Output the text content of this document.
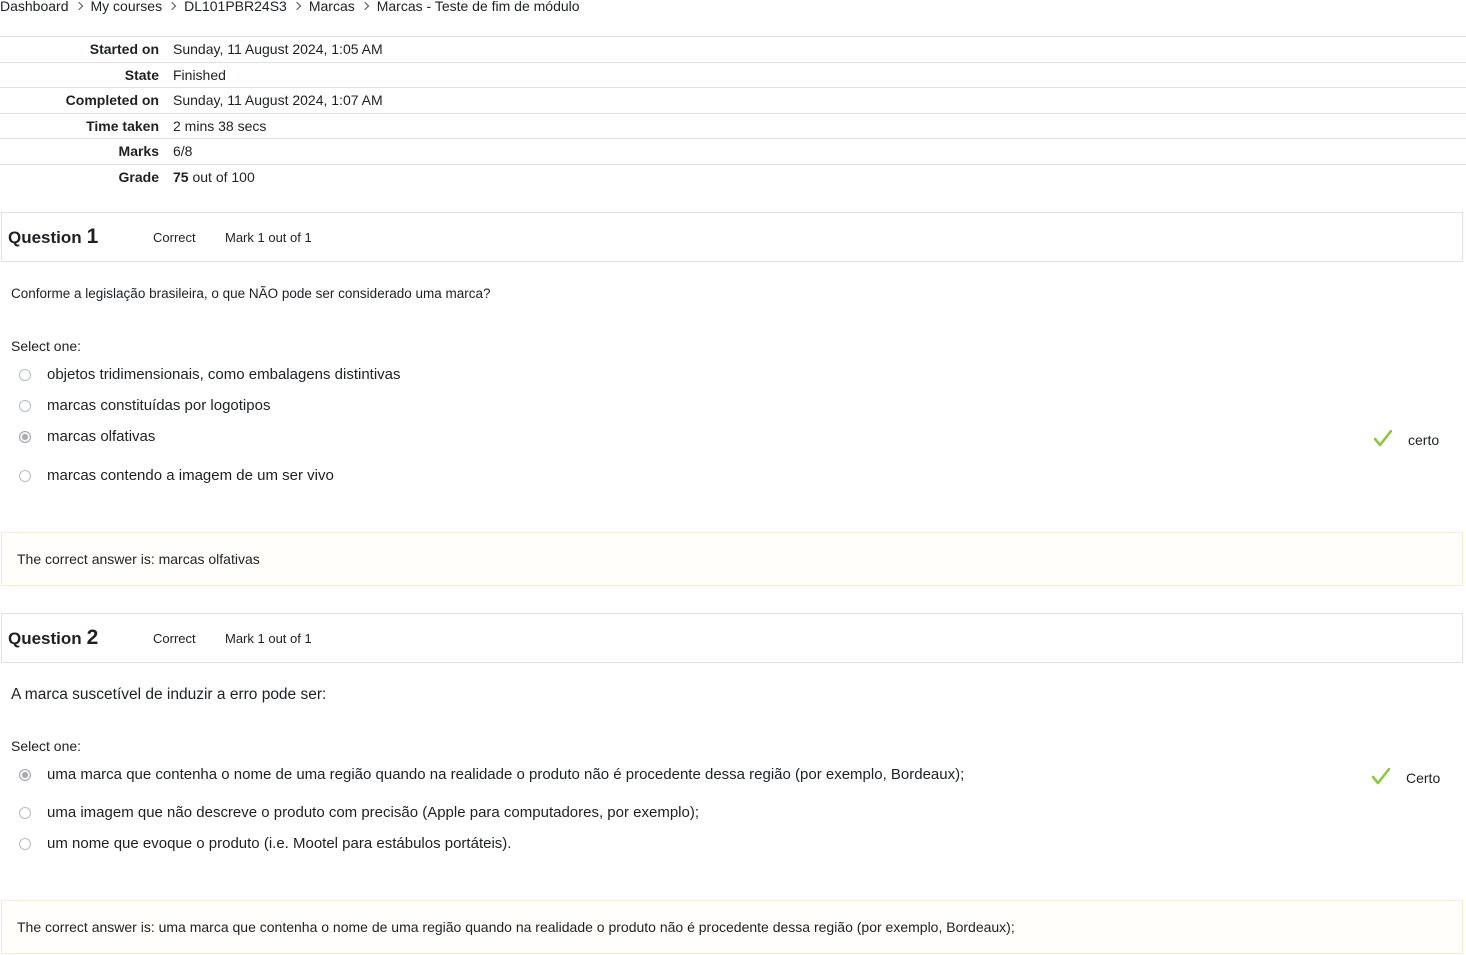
Dashboard My courses DL101PBR24S3 Marcas Marcas - Teste de fim de módulo
Started on	Sunday, 11 August 2024, 1:05 AM
State	Finished
Completed on	Sunday, 11 August 2024, 1:07 AM
Time taken	2 mins 38 secs
Marks	6/8
Grade	75 out of 100
Question 1	Correct	Mark 1 out of 1
Conforme a legislação brasileira, o que NÃO pode ser considerado uma marca?
Select one:
objetos tridimensionais, como embalagens distintivas
marcas constituídas por logotipos
marcas olfativas	certo
marcas contendo a imagem de um ser vivo
The correct answer is: marcas olfativas
Question 2	Correct	Mark 1 out of 1
A marca suscetível de induzir a erro pode ser:
Select one:
uma marca que contenha o nome de uma região quando na realidade o produto não é procedente dessa região (por exemplo, Bordeaux);	Certo
uma imagem que não descreve o produto com precisão (Apple para computadores, por exemplo);
um nome que evoque o produto (i.e. Mootel para estábulos portáteis).
The correct answer is: uma marca que contenha o nome de uma região quando na realidade o produto não é procedente dessa região (por exemplo, Bordeaux);
